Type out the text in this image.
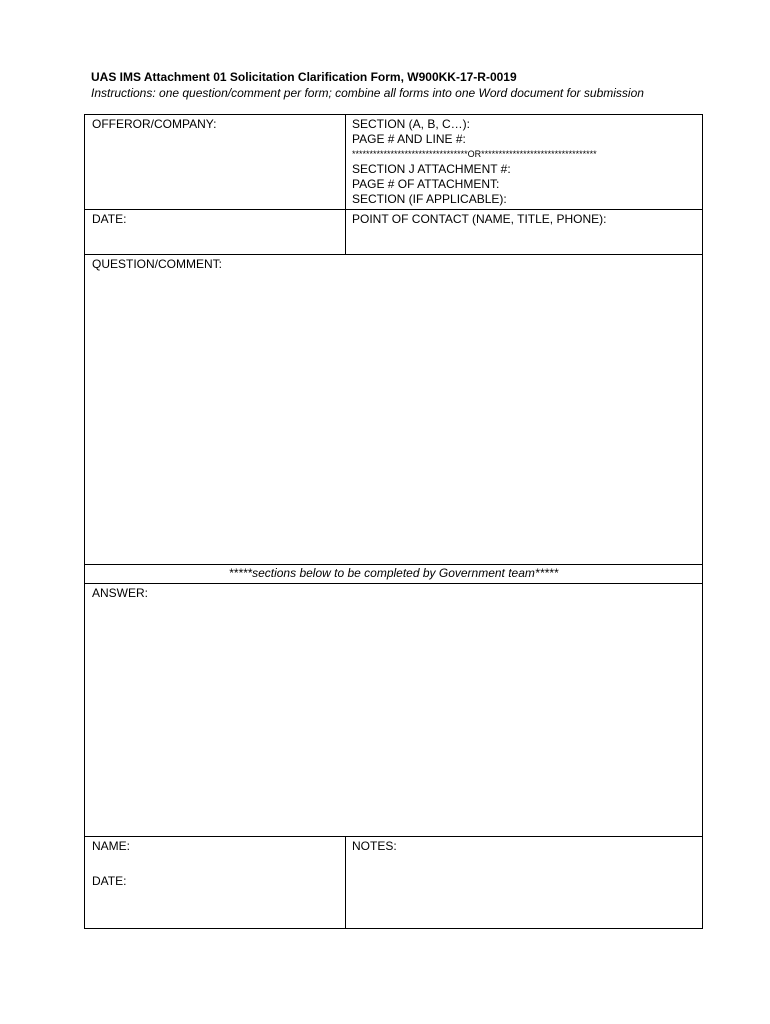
UAS IMS Attachment 01 Solicitation Clarification Form, W900KK-17-R-0019
Instructions: one question/comment per form; combine all forms into one Word document for submission
OFFEROR/COMPANY:	SECTION (A, B, C…):
PAGE # AND LINE #:
*********************************OR*********************************
SECTION J ATTACHMENT #:
PAGE # OF ATTACHMENT:
SECTION (IF APPLICABLE):
DATE:	POINT OF CONTACT (NAME, TITLE, PHONE):
QUESTION/COMMENT:
*****sections below to be completed by Government team*****
ANSWER:
NAME:
DATE:
NOTES:
